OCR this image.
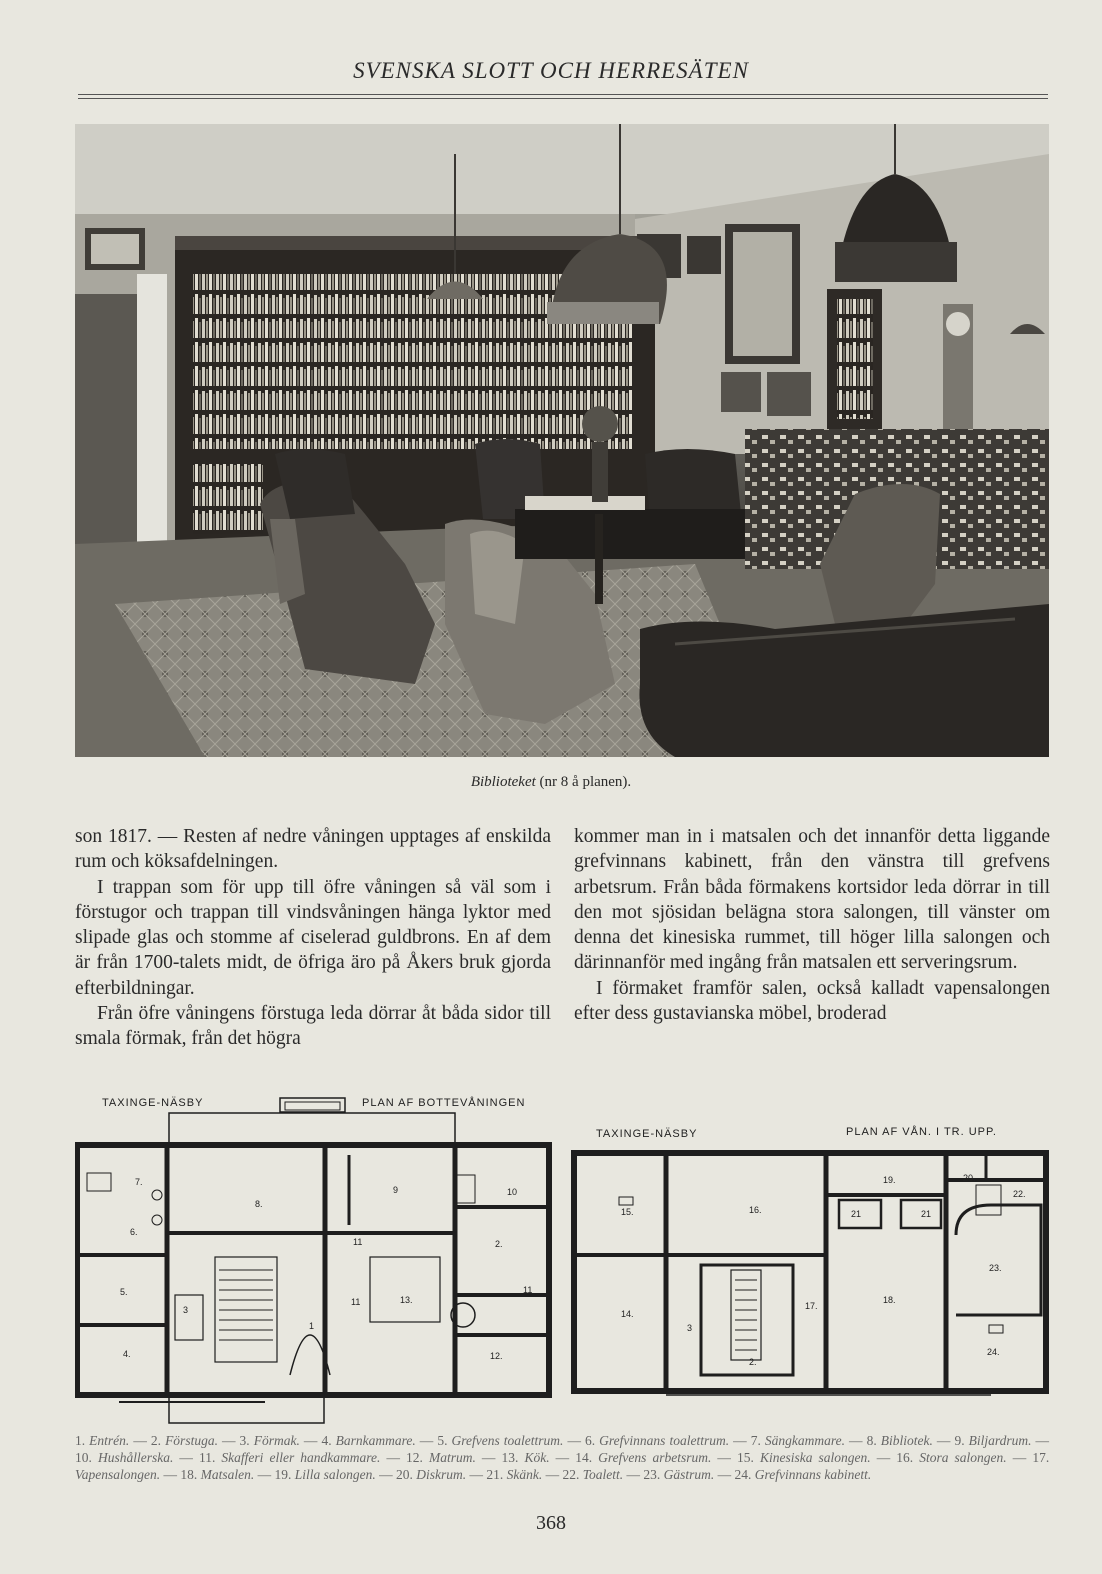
SVENSKA SLOTT OCH HERRESÄTEN
Biblioteket (nr 8 å planen).

son 1817. — Resten af nedre våningen upptages af enskilda rum och köksafdelningen.

I trappan som för upp till öfre våningen så väl som i förstugor och trappan till vindsvåningen hänga lyktor med slipade glas och stomme af ciselerad guldbrons. En af dem är från 1700-talets midt, de öfriga äro på Åkers bruk gjorda efterbildningar.

Från öfre våningens förstuga leda dörrar åt båda sidor till smala förmak, från det högra

kommer man in i matsalen och det innanför detta liggande grefvinnans kabinett, från den vänstra till grefvens arbetsrum. Från båda förmakens kortsidor leda dörrar in till den mot sjösidan belägna stora salongen, till vänster om denna det kinesiska rummet, till höger lilla salongen och därinnanför med ingång från matsalen ett serveringsrum.

I förmaket framför salen, också kalladt vapensalongen efter dess gustavianska möbel, broderad

TAXINGE-NÄSBY	PLAN AF BOTTEVÅNINGEN
7.
6.
5.
4.
8.
9	10
11	2.
3
1
11	13.
12.
11
TAXINGE-NÄSBY	PLAN AF VÅN. I TR. UPP.
15.	16.
19.	20.
22.
21	21
23.
14.
3
17.
18.
2.
24.
1. Entrén. — 2. Förstuga. — 3. Förmak. — 4. Barnkammare. — 5. Grefvens toalettrum. — 6. Grefvinnans toalettrum. — 7. Sängkammare. — 8. Bibliotek. — 9. Biljardrum. — 10. Hushållerska. — 11. Skafferi eller handkammare. — 12. Matrum. — 13. Kök. — 14. Grefvens arbetsrum. — 15. Kinesiska salongen. — 16. Stora salongen. — 17. Vapensalongen. — 18. Matsalen. — 19. Lilla salongen. — 20. Diskrum. — 21. Skänk. — 22. Toalett. — 23. Gästrum. — 24. Grefvinnans kabinett.
368
